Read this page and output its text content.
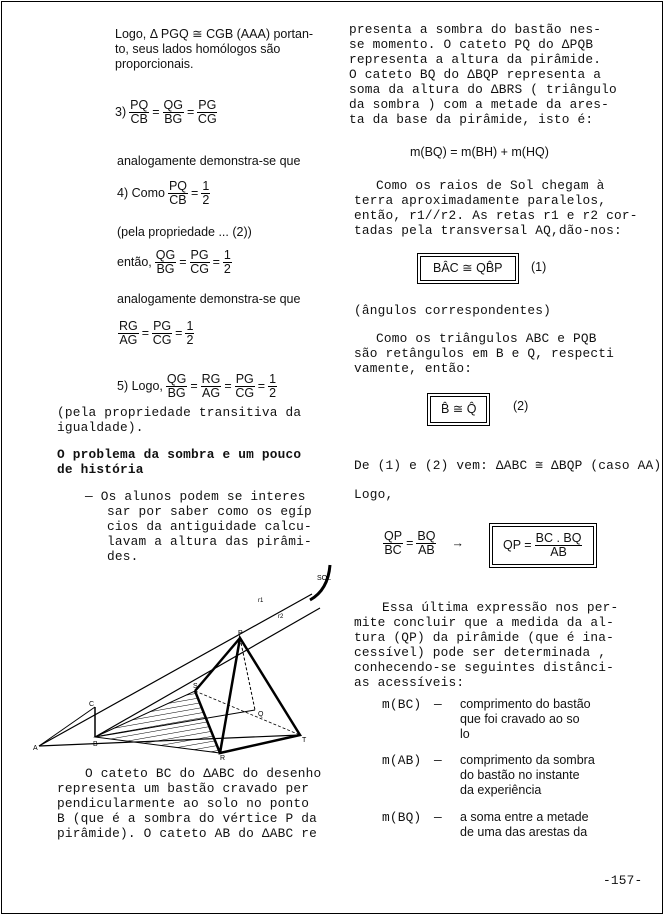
Logo, Δ PGQ ≅ CGB (AAA) portan-
to, seus lados homólogos são
proporcionais.
$3) \frac{PQ}{CB} = \frac{QG}{BG} = \frac{PG}{CG}$
analogamente demonstra-se que
4) Como $\frac{PQ}{CB} = \frac{1}{2}$
(pela propriedade ... (2))
então, $\frac{QG}{BG} = \frac{PG}{CG} = \frac{1}{2}$
analogamente demonstra-se que
$\frac{RG}{AG} = \frac{PG}{CG} = \frac{1}{2}$
5) Logo, $\frac{QG}{BG} = \frac{RG}{AG} = \frac{PG}{CG} = \frac{1}{2}$
(pela propriedade transitiva da
igualdade).
O problema da sombra e um pouco
de história
— Os alunos podem se interes
sar por saber como os egíp
cios da antiguidade calcu-
lavam a altura das pirâmi-
des.
SOL
r1
r2
A
B
C
P
S
Q
R
T
O cateto BC do ΔABC do desenho
representa um bastão cravado per
pendicularmente ao solo no ponto
B (que é a sombra do vértice P da
pirâmide). O cateto AB do ΔABC re
presenta a sombra do bastão nes-
se momento. O cateto PQ do ΔPQB
representa a altura da pirâmide.
O cateto BQ do ΔBQP representa a
soma da altura do ΔBRS ( triângulo
da sombra ) com a metade da ares-
ta da base da pirâmide, isto é:
m(BQ) = m(BH) + m(HQ)
Como os raios de Sol chegam à
terra aproximadamente paralelos,
então, r1//r2. As retas r1 e r2 cor-
tadas pela transversal AQ,dão-nos:
BÂC ≅ QB̂P	(1)
(ângulos correspondentes)
Como os triângulos ABC e PQB
são retângulos em B e Q, respecti
vamente, então:
B̂ ≅ Q̂	(2)
De (1) e (2) vem: ΔABC ≅ ΔBQP (caso AA)
Logo,
$\frac{QP}{BC} = \frac{BQ}{AB}$ →	QP = $\frac{BC . BQ}{AB}$
Essa última expressão nos per-
mite concluir que a medida da al-
tura (QP) da pirâmide (que é ina-
cessível) pode ser determinada ,
conhecendo-se seguintes distânci-
as acessíveis:
m(BC) — comprimento do bastão
que foi cravado ao so
lo
m(AB) — comprimento da sombra
do bastão no instante
da experiência
m(BQ) — a soma entre a metade
de uma das arestas da
-157-
